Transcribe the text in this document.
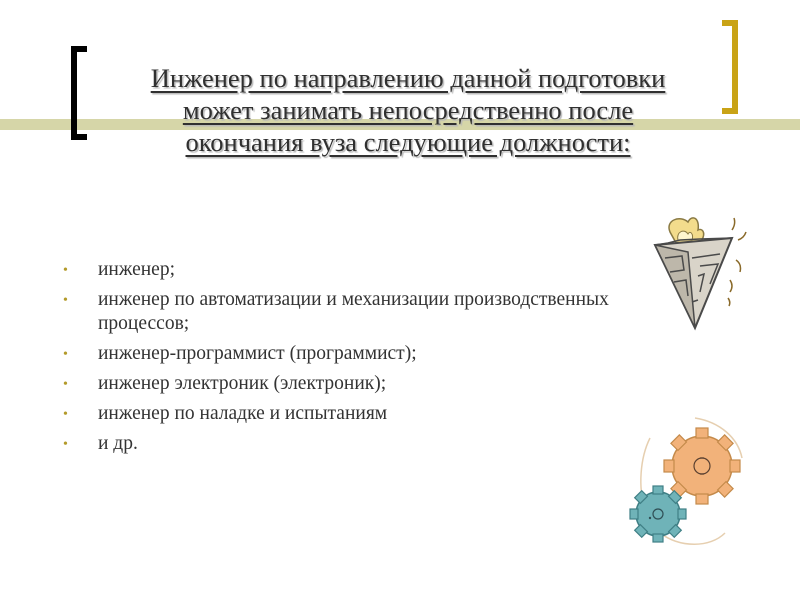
Инженер по направлению данной подготовки
может занимать непосредственно после
окончания вуза следующие должности:
• инженер;
• инженер по автоматизации и механизации производственных процессов;
• инженер-программист (программист);
• инженер электроник (электроник);
• инженер по наладке и испытаниям
• и др.
